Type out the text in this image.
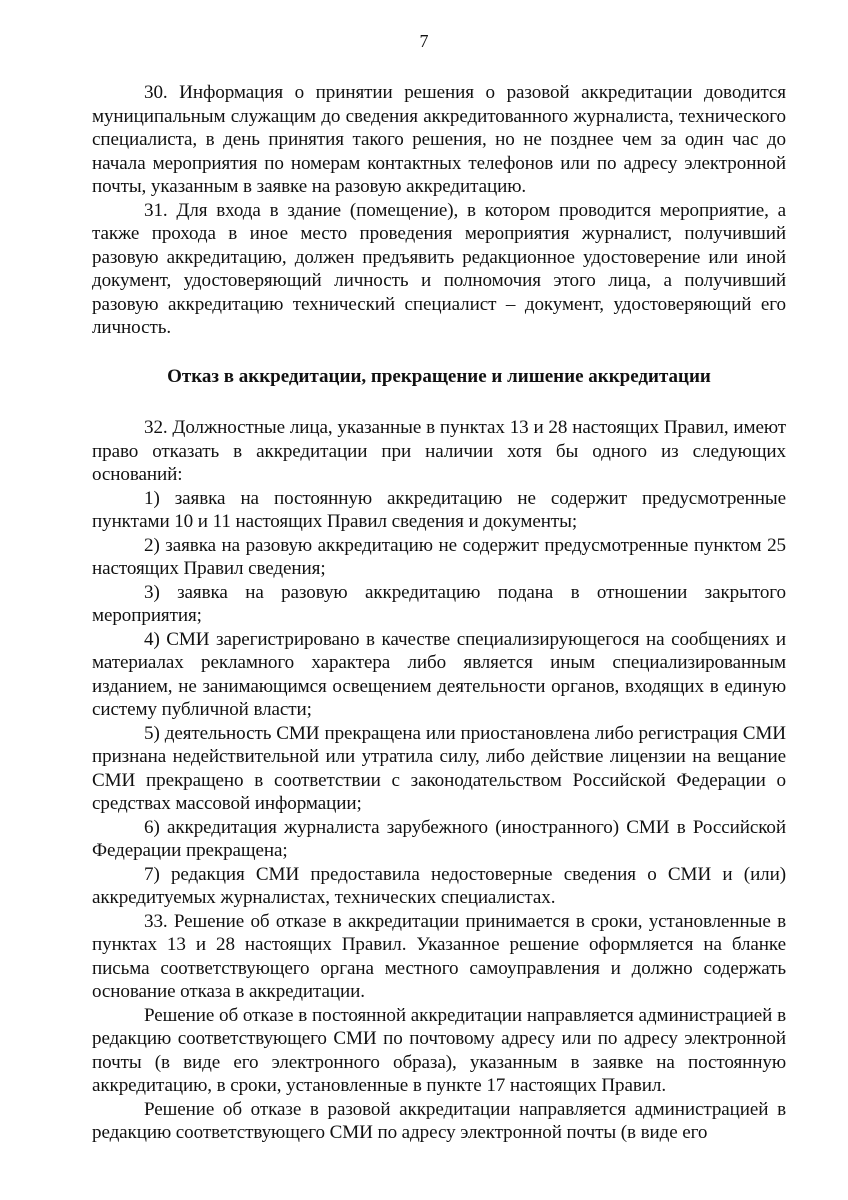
7

30. Информация о принятии решения о разовой аккредитации доводится муниципальным служащим до сведения аккредитованного журналиста, технического специалиста, в день принятия такого решения, но не позднее чем за один час до начала мероприятия по номерам контактных телефонов или по адресу электронной почты, указанным в заявке на разовую аккредитацию.

31. Для входа в здание (помещение), в котором проводится мероприятие, а также прохода в иное место проведения мероприятия журналист, получивший разовую аккредитацию, должен предъявить редакционное удостоверение или иной документ, удостоверяющий личность и полномочия этого лица, а получивший разовую аккредитацию технический специалист – документ, удостоверяющий его личность.

Отказ в аккредитации, прекращение и лишение аккредитации

32. Должностные лица, указанные в пунктах 13 и 28 настоящих Правил, имеют право отказать в аккредитации при наличии хотя бы одного из следующих оснований:

1) заявка на постоянную аккредитацию не содержит предусмотренные пунктами 10 и 11 настоящих Правил сведения и документы;

2) заявка на разовую аккредитацию не содержит предусмотренные пунктом 25 настоящих Правил сведения;

3) заявка на разовую аккредитацию подана в отношении закрытого мероприятия;

4) СМИ зарегистрировано в качестве специализирующегося на сообщениях и материалах рекламного характера либо является иным специализированным изданием, не занимающимся освещением деятельности органов, входящих в единую систему публичной власти;

5) деятельность СМИ прекращена или приостановлена либо регистрация СМИ признана недействительной или утратила силу, либо действие лицензии на вещание СМИ прекращено в соответствии с законодательством Российской Федерации о средствах массовой информации;

6) аккредитация журналиста зарубежного (иностранного) СМИ в Российской Федерации прекращена;

7) редакция СМИ предоставила недостоверные сведения о СМИ и (или) аккредитуемых журналистах, технических специалистах.

33. Решение об отказе в аккредитации принимается в сроки, установленные в пунктах 13 и 28 настоящих Правил. Указанное решение оформляется на бланке письма соответствующего органа местного самоуправления и должно содержать основание отказа в аккредитации.

Решение об отказе в постоянной аккредитации направляется администрацией в редакцию соответствующего СМИ по почтовому адресу или по адресу электронной почты (в виде его электронного образа), указанным в заявке на постоянную аккредитацию, в сроки, установленные в пункте 17 настоящих Правил.

Решение об отказе в разовой аккредитации направляется администрацией в редакцию соответствующего СМИ по адресу электронной почты (в виде его
